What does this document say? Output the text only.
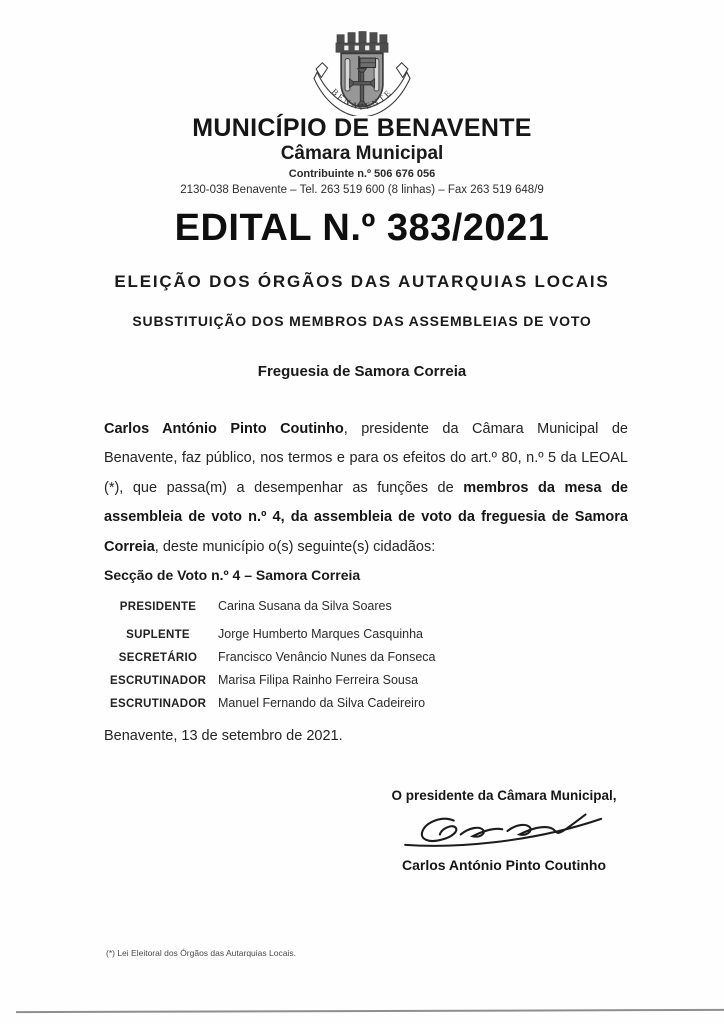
BENAVENTE
MUNICÍPIO DE BENAVENTE
Câmara Municipal
Contribuinte n.º 506 676 056
2130-038 Benavente – Tel. 263 519 600 (8 linhas) – Fax 263 519 648/9
EDITAL N.º 383/2021
ELEIÇÃO DOS ÓRGÃOS DAS AUTARQUIAS LOCAIS
SUBSTITUIÇÃO DOS MEMBROS DAS ASSEMBLEIAS DE VOTO
Freguesia de Samora Correia

Carlos António Pinto Coutinho, presidente da Câmara Municipal de Benavente, faz público, nos termos e para os efeitos do art.º 80, n.º 5 da LEOAL (*), que passa(m) a desempenhar as funções de membros da mesa de assembleia de voto n.º 4, da assembleia de voto da freguesia de Samora Correia, deste município o(s) seguinte(s) cidadãos:

Secção de Voto n.º 4 – Samora Correia
PRESIDENTE	Carina Susana da Silva Soares
SUPLENTE	Jorge Humberto Marques Casquinha
SECRETÁRIO	Francisco Venâncio Nunes da Fonseca
ESCRUTINADOR Marisa Filipa Rainho Ferreira Sousa
ESCRUTINADOR Manuel Fernando da Silva Cadeireiro
Benavente, 13 de setembro de 2021.
O presidente da Câmara Municipal,
Carlos António Pinto Coutinho
(*) Lei Eleitoral dos Órgãos das Autarquias Locais.
